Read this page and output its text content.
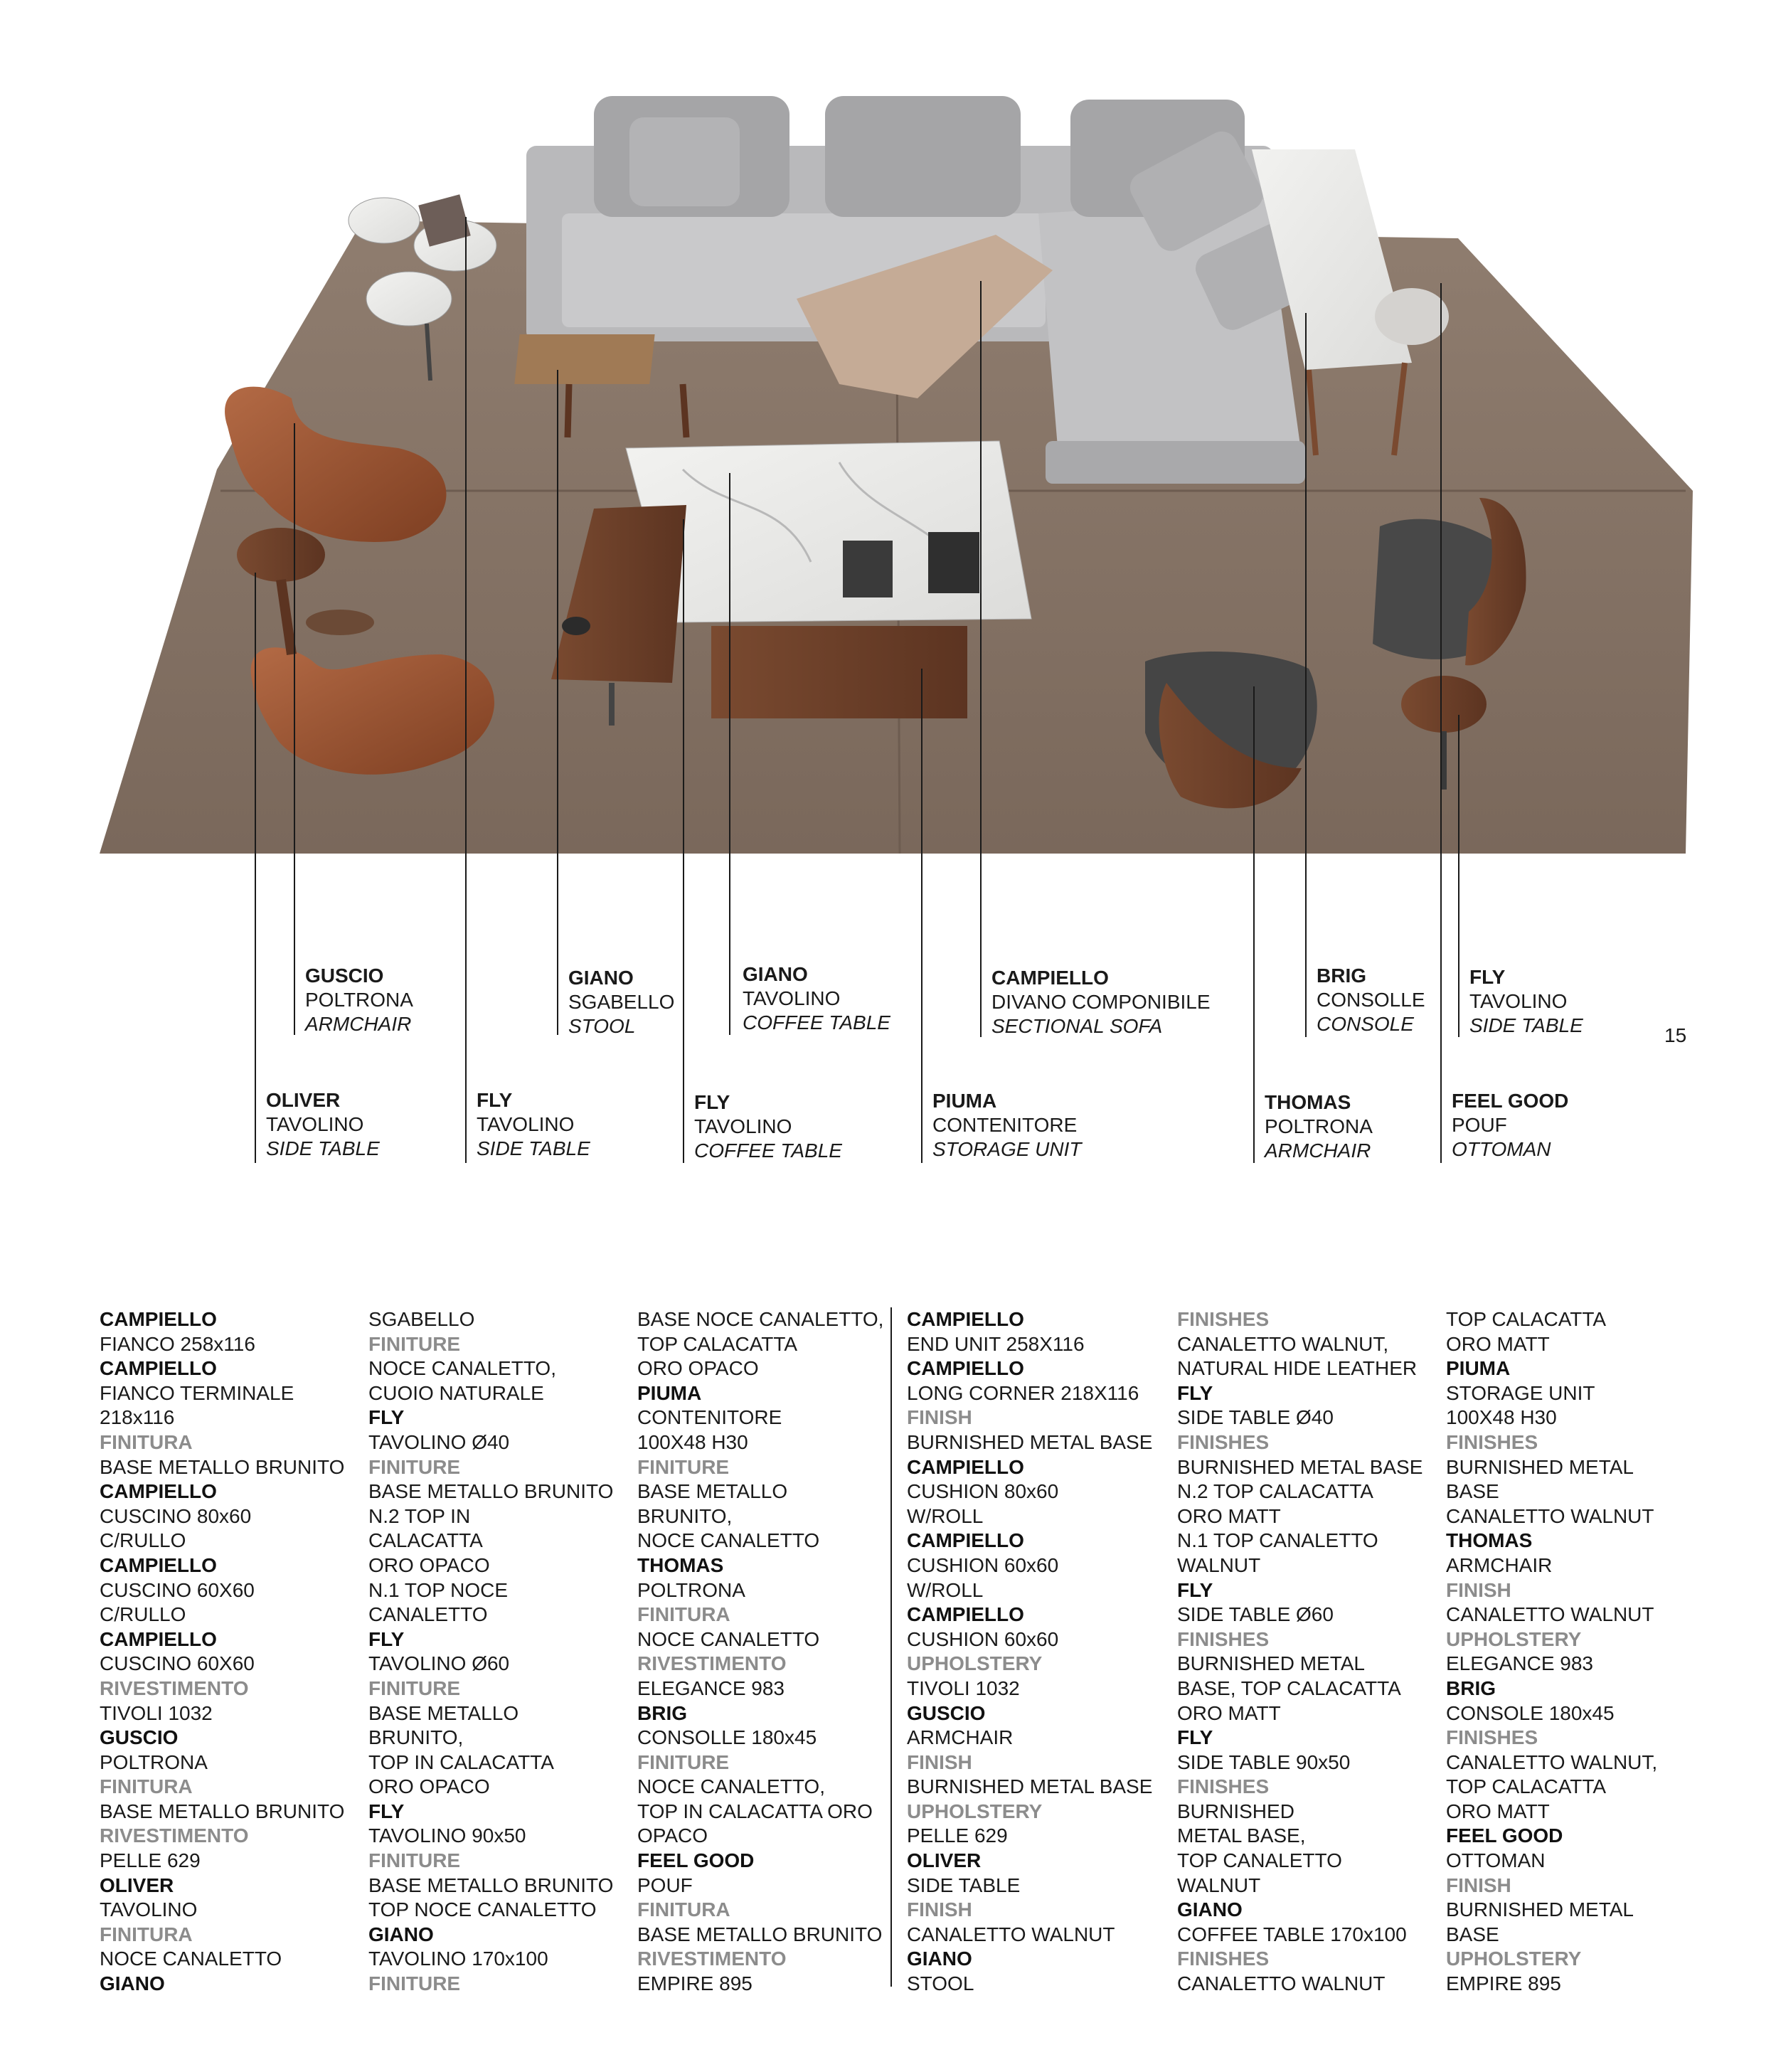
GUSCIO
POLTRONA
ARMCHAIR
GIANO
SGABELLO
STOOL
GIANO
TAVOLINO
COFFEE TABLE
CAMPIELLO
DIVANO COMPONIBILE
SECTIONAL SOFA
BRIG
CONSOLLE
CONSOLE
FLY
TAVOLINO
SIDE TABLE
OLIVER
TAVOLINO
SIDE TABLE
FLY
TAVOLINO
SIDE TABLE
FLY
TAVOLINO
COFFEE TABLE
PIUMA
CONTENITORE
STORAGE UNIT
THOMAS
POLTRONA
ARMCHAIR
FEEL GOOD
POUF
OTTOMAN
15
CAMPIELLO
FIANCO 258x116
CAMPIELLO
FIANCO TERMINALE
218x116
FINITURA
BASE METALLO BRUNITO
CAMPIELLO
CUSCINO 80x60
C/RULLO
CAMPIELLO
CUSCINO 60X60
C/RULLO
CAMPIELLO
CUSCINO 60X60
RIVESTIMENTO
TIVOLI 1032
GUSCIO
POLTRONA
FINITURA
BASE METALLO BRUNITO
RIVESTIMENTO
PELLE 629
OLIVER
TAVOLINO
FINITURA
NOCE CANALETTO
GIANO
SGABELLO
FINITURE
NOCE CANALETTO,
CUOIO NATURALE
FLY
TAVOLINO Ø40
FINITURE
BASE METALLO BRUNITO
N.2 TOP IN
CALACATTA
ORO OPACO
N.1 TOP NOCE
CANALETTO
FLY
TAVOLINO Ø60
FINITURE
BASE METALLO
BRUNITO,
TOP IN CALACATTA
ORO OPACO
FLY
TAVOLINO 90x50
FINITURE
BASE METALLO BRUNITO
TOP NOCE CANALETTO
GIANO
TAVOLINO 170x100
FINITURE
BASE NOCE CANALETTO,
TOP CALACATTA
ORO OPACO
PIUMA
CONTENITORE
100X48 H30
FINITURE
BASE METALLO
BRUNITO,
NOCE CANALETTO
THOMAS
POLTRONA
FINITURA
NOCE CANALETTO
RIVESTIMENTO
ELEGANCE 983
BRIG
CONSOLLE 180x45
FINITURE
NOCE CANALETTO,
TOP IN CALACATTA ORO
OPACO
FEEL GOOD
POUF
FINITURA
BASE METALLO BRUNITO
RIVESTIMENTO
EMPIRE 895
CAMPIELLO
END UNIT 258X116
CAMPIELLO
LONG CORNER 218X116
FINISH
BURNISHED METAL BASE
CAMPIELLO
CUSHION 80x60
W/ROLL
CAMPIELLO
CUSHION 60x60
W/ROLL
CAMPIELLO
CUSHION 60x60
UPHOLSTERY
TIVOLI 1032
GUSCIO
ARMCHAIR
FINISH
BURNISHED METAL BASE
UPHOLSTERY
PELLE 629
OLIVER
SIDE TABLE
FINISH
CANALETTO WALNUT
GIANO
STOOL
FINISHES
CANALETTO WALNUT,
NATURAL HIDE LEATHER
FLY
SIDE TABLE Ø40
FINISHES
BURNISHED METAL BASE
N.2 TOP CALACATTA
ORO MATT
N.1 TOP CANALETTO
WALNUT
FLY
SIDE TABLE Ø60
FINISHES
BURNISHED METAL
BASE, TOP CALACATTA
ORO MATT
FLY
SIDE TABLE 90x50
FINISHES
BURNISHED
METAL BASE,
TOP CANALETTO
WALNUT
GIANO
COFFEE TABLE 170x100
FINISHES
CANALETTO WALNUT
TOP CALACATTA
ORO MATT
PIUMA
STORAGE UNIT
100X48 H30
FINISHES
BURNISHED METAL
BASE
CANALETTO WALNUT
THOMAS
ARMCHAIR
FINISH
CANALETTO WALNUT
UPHOLSTERY
ELEGANCE 983
BRIG
CONSOLE 180x45
FINISHES
CANALETTO WALNUT,
TOP CALACATTA
ORO MATT
FEEL GOOD
OTTOMAN
FINISH
BURNISHED METAL
BASE
UPHOLSTERY
EMPIRE 895
